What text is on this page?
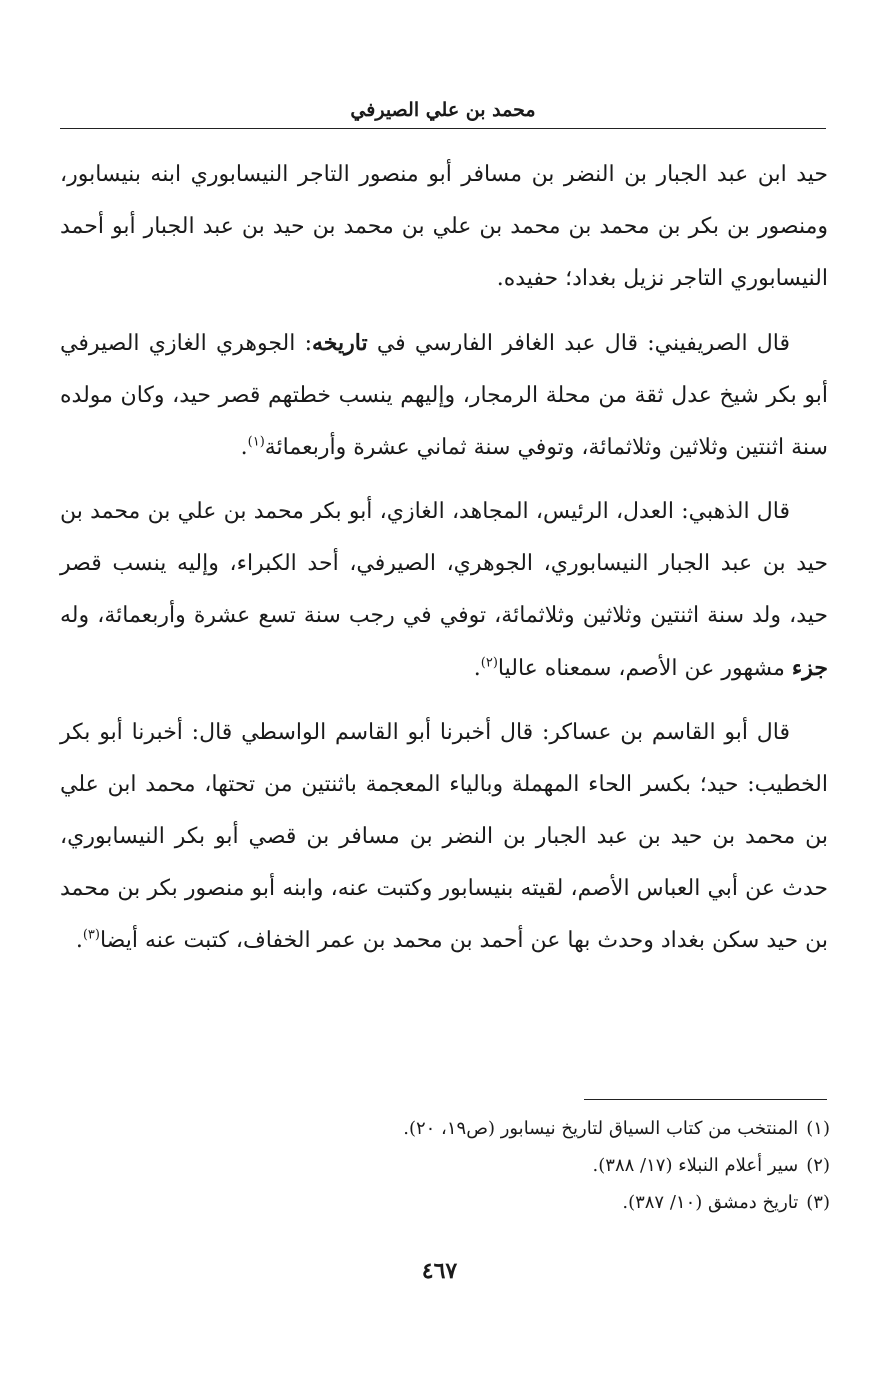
محمد بن علي الصيرفي

حيد ابن عبد الجبار بن النضر بن مسافر أبو منصور التاجر النيسابوري ابنه بنيسابور، ومنصور بن بكر بن محمد بن محمد بن علي بن محمد بن حيد بن عبد الجبار أبو أحمد النيسابوري التاجر نزيل بغداد؛ حفيده.

قال الصريفيني: قال عبد الغافر الفارسي في تاريخه: الجوهري الغازي الصيرفي أبو بكر شيخ عدل ثقة من محلة الرمجار، وإليهم ينسب خطتهم قصر حيد، وكان مولده سنة اثنتين وثلاثين وثلاثمائة، وتوفي سنة ثماني عشرة وأربعمائة$^{(١)}$.

قال الذهبي: العدل، الرئيس، المجاهد، الغازي، أبو بكر محمد بن علي بن محمد بن حيد بن عبد الجبار النيسابوري، الجوهري، الصيرفي، أحد الكبراء، وإليه ينسب قصر حيد، ولد سنة اثنتين وثلاثين وثلاثمائة، توفي في رجب سنة تسع عشرة وأربعمائة، وله جزء مشهور عن الأصم، سمعناه عاليا$^{(٢)}$.

قال أبو القاسم بن عساكر: قال أخبرنا أبو القاسم الواسطي قال: أخبرنا أبو بكر الخطيب: حيد؛ بكسر الحاء المهملة وبالياء المعجمة باثنتين من تحتها، محمد ابن علي بن محمد بن حيد بن عبد الجبار بن النضر بن مسافر بن قصي أبو بكر النيسابوري، حدث عن أبي العباس الأصم، لقيته بنيسابور وكتبت عنه، وابنه أبو منصور بكر بن محمد بن حيد سكن بغداد وحدث بها عن أحمد بن محمد بن عمر الخفاف، كتبت عنه أيضا$^{(٣)}$.

(١)المنتخب من كتاب السياق لتاريخ نيسابور (ص١٩، ٢٠).
(٢)سير أعلام النبلاء (١٧/ ٣٨٨).
(٣)تاريخ دمشق (١٠/ ٣٨٧).
٤٦٧
